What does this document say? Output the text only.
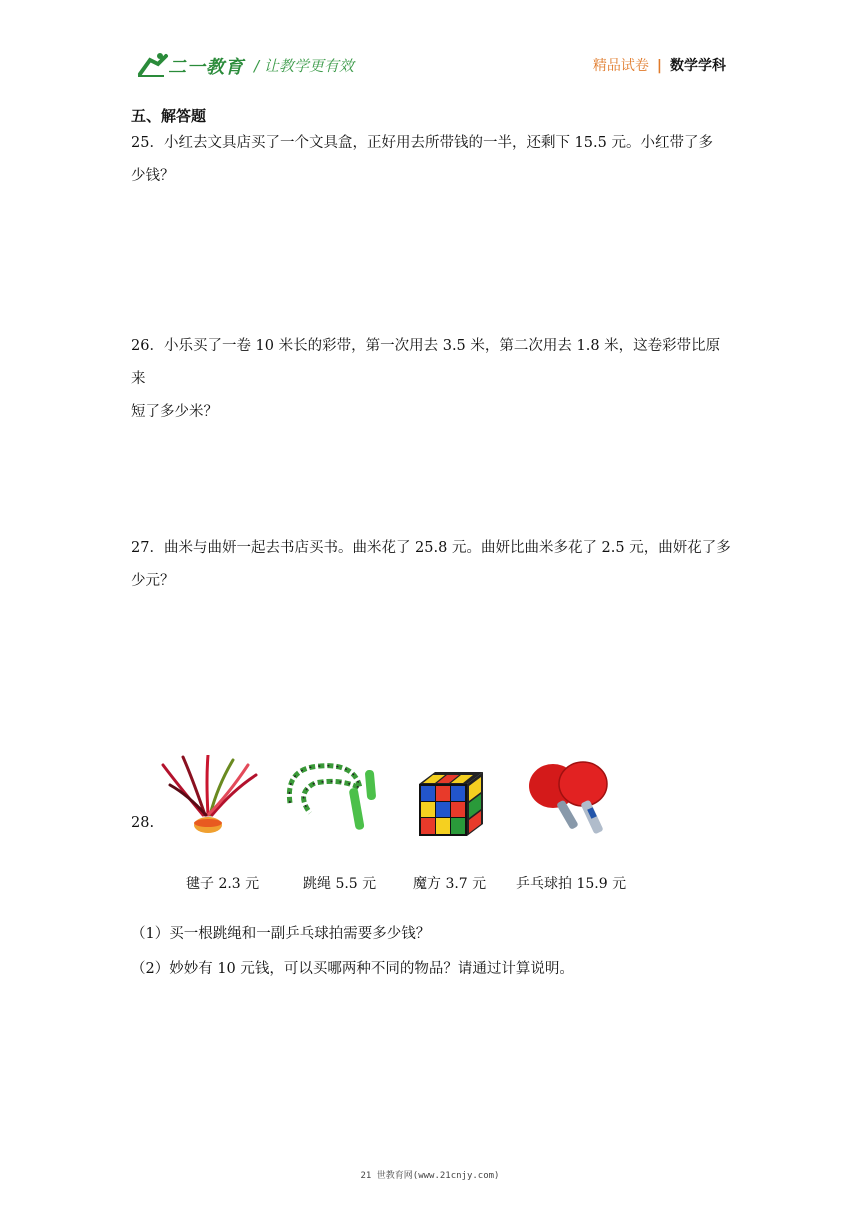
二一教育 / 让教学更有效	精品试卷 | 数学学科
五、解答题

25．小红去文具店买了一个文具盒，正好用去所带钱的一半，还剩下 15.5 元。小红带了多

少钱？

26．小乐买了一卷 10 米长的彩带，第一次用去 3.5 米，第二次用去 1.8 米，这卷彩带比原来

短了多少米？

27．曲米与曲妍一起去书店买书。曲米花了 25.8 元。曲妍比曲米多花了 2.5 元，曲妍花了多

少元？

28.
毽子 2.3 元	跳绳 5.5 元	魔方 3.7 元 乒乓球拍 15.9 元
（1）买一根跳绳和一副乒乓球拍需要多少钱？
（2）妙妙有 10 元钱，可以买哪两种不同的物品？请通过计算说明。
21 世教育网(www.21cnjy.com)
